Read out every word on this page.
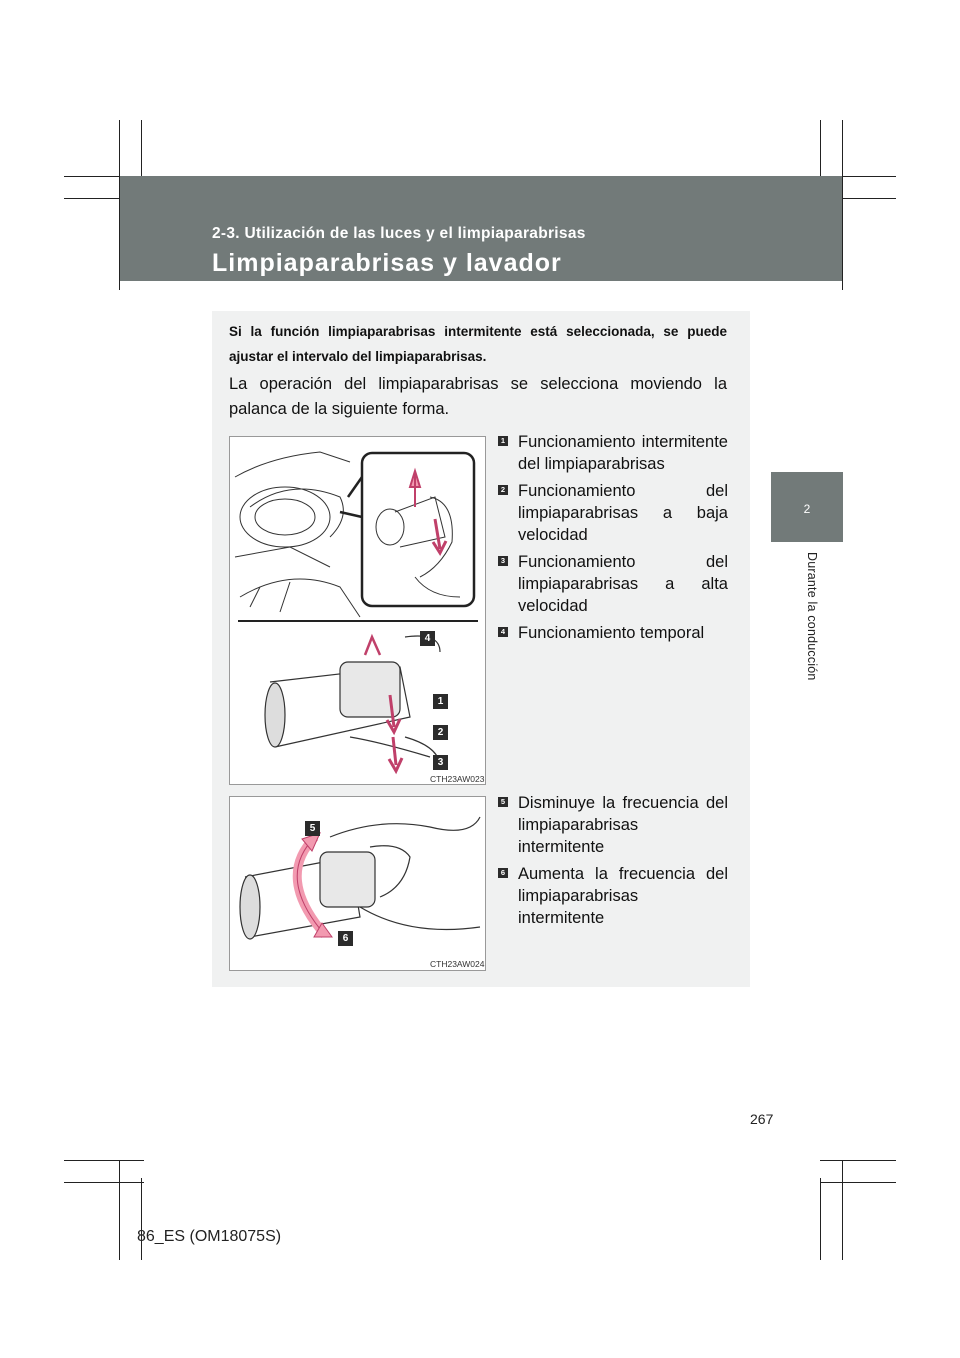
2-3. Utilización de las luces y el limpiaparabrisas
Limpiaparabrisas y lavador
2
Durante la conducción
Si la función limpiaparabrisas intermitente está seleccionada, se puede ajustar el intervalo del limpiaparabrisas.
La operación del limpiaparabrisas se selecciona moviendo la palanca de la siguiente forma.
4
1
2
3
CTH23AW023
1 Funcionamiento intermitente del limpiaparabrisas
2 Funcionamiento del limpiaparabrisas a baja velocidad
3 Funcionamiento del limpiaparabrisas a alta velocidad
4 Funcionamiento temporal
5
6
CTH23AW024
5 Disminuye la frecuencia del limpiaparabrisas intermitente
6 Aumenta la frecuencia del limpiaparabrisas intermitente
267
86_ES (OM18075S)
